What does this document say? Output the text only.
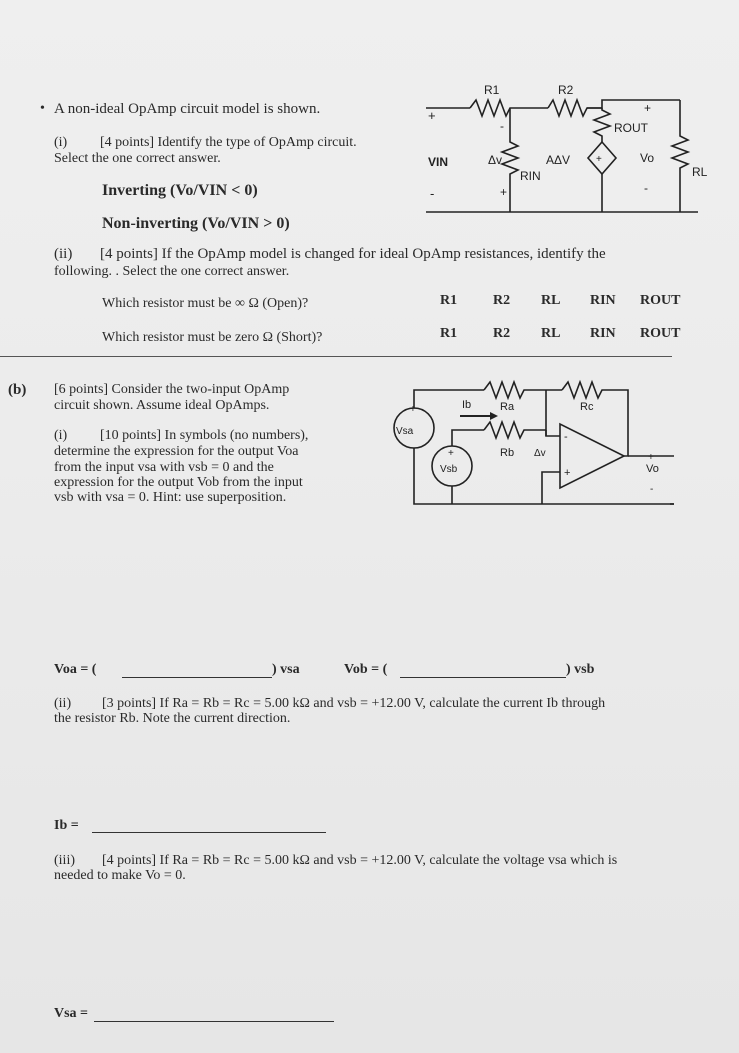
• A non-ideal OpAmp circuit model is shown.
(i) [4 points] Identify the type of OpAmp circuit.
Select the one correct answer.
Inverting (Vo/VIN < 0)
Non-inverting (Vo/VIN > 0)
+
-
VIN
R1	R2
ROUT
RIN	RL
Δv
-
+
AΔV	+	Vo
+
-
(ii) [4 points] If the OpAmp model is changed for ideal OpAmp resistances, identify the
following. . Select the one correct answer.
Which resistor must be ∞ Ω (Open)?	R1	R2 RL RIN ROUT
Which resistor must be zero Ω (Short)?	R1	R2 RL RIN ROUT
(b) [6 points] Consider the two-input OpAmp
circuit shown. Assume ideal OpAmps.
(i) [10 points] In symbols (no numbers),
determine the expression for the output Voa
from the input vsa with vsb = 0 and the
expression for the output Vob from the input
vsb with vsa = 0. Hint: use superposition.
Vsa
+
Vsb
+
Ib	Ra
Rb
Rc
Δv
-
+	Vo
+
-
Voa = (	) vsa	Vob = (	) vsb
(ii) [3 points] If Ra = Rb = Rc = 5.00 kΩ and vsb = +12.00 V, calculate the current Ib through
the resistor Rb. Note the current direction.
Ib =
(iii) [4 points] If Ra = Rb = Rc = 5.00 kΩ and vsb = +12.00 V, calculate the voltage vsa which is
needed to make Vo = 0.
Vsa =
